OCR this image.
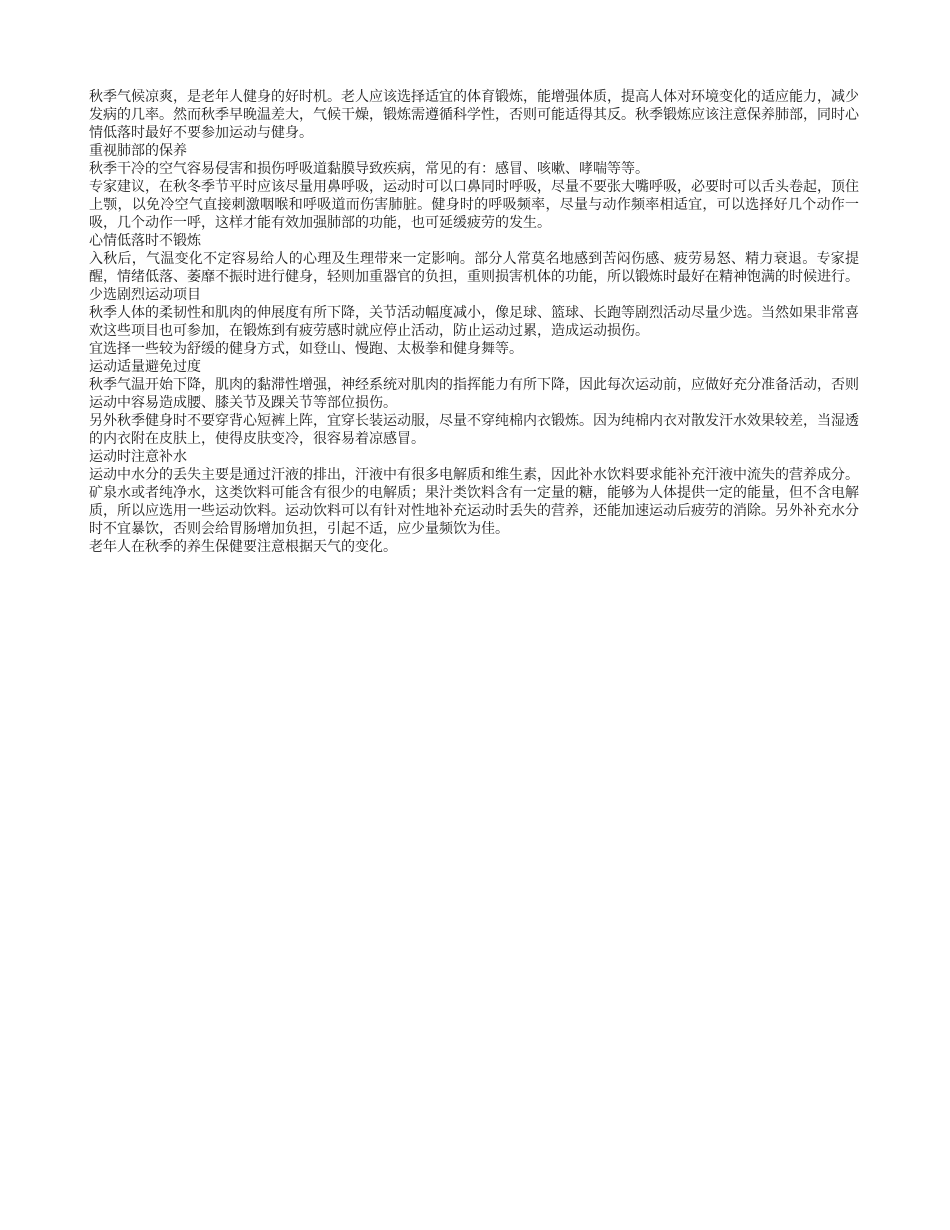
秋季气候凉爽，是老年人健身的好时机。老人应该选择适宜的体育锻炼，能增强体质，提高人体对环境变化的适应能力，减少发病的几率。然而秋季早晚温差大，气候干燥，锻炼需遵循科学性，否则可能适得其反。秋季锻炼应该注意保养肺部，同时心情低落时最好不要参加运动与健身。

重视肺部的保养

秋季干冷的空气容易侵害和损伤呼吸道黏膜导致疾病，常见的有：感冒、咳嗽、哮喘等等。

专家建议，在秋冬季节平时应该尽量用鼻呼吸，运动时可以口鼻同时呼吸，尽量不要张大嘴呼吸，必要时可以舌头卷起，顶住上颚，以免冷空气直接刺激咽喉和呼吸道而伤害肺脏。健身时的呼吸频率，尽量与动作频率相适宜，可以选择好几个动作一吸，几个动作一呼，这样才能有效加强肺部的功能，也可延缓疲劳的发生。

心情低落时不锻炼

入秋后，气温变化不定容易给人的心理及生理带来一定影响。部分人常莫名地感到苦闷伤感、疲劳易怒、精力衰退。专家提醒，情绪低落、萎靡不振时进行健身，轻则加重器官的负担，重则损害机体的功能，所以锻炼时最好在精神饱满的时候进行。

少选剧烈运动项目

秋季人体的柔韧性和肌肉的伸展度有所下降，关节活动幅度减小，像足球、篮球、长跑等剧烈活动尽量少选。当然如果非常喜欢这些项目也可参加，在锻炼到有疲劳感时就应停止活动，防止运动过累，造成运动损伤。

宜选择一些较为舒缓的健身方式，如登山、慢跑、太极拳和健身舞等。

运动适量避免过度

秋季气温开始下降，肌肉的黏滞性增强，神经系统对肌肉的指挥能力有所下降，因此每次运动前，应做好充分准备活动，否则运动中容易造成腰、膝关节及踝关节等部位损伤。

另外秋季健身时不要穿背心短裤上阵，宜穿长装运动服，尽量不穿纯棉内衣锻炼。因为纯棉内衣对散发汗水效果较差，当湿透的内衣附在皮肤上，使得皮肤变冷，很容易着凉感冒。

运动时注意补水

运动中水分的丢失主要是通过汗液的排出，汗液中有很多电解质和维生素，因此补水饮料要求能补充汗液中流失的营养成分。

矿泉水或者纯净水，这类饮料可能含有很少的电解质；果汁类饮料含有一定量的糖，能够为人体提供一定的能量，但不含电解质，所以应选用一些运动饮料。运动饮料可以有针对性地补充运动时丢失的营养，还能加速运动后疲劳的消除。另外补充水分时不宜暴饮，否则会给胃肠增加负担，引起不适，应少量频饮为佳。

老年人在秋季的养生保健要注意根据天气的变化。
